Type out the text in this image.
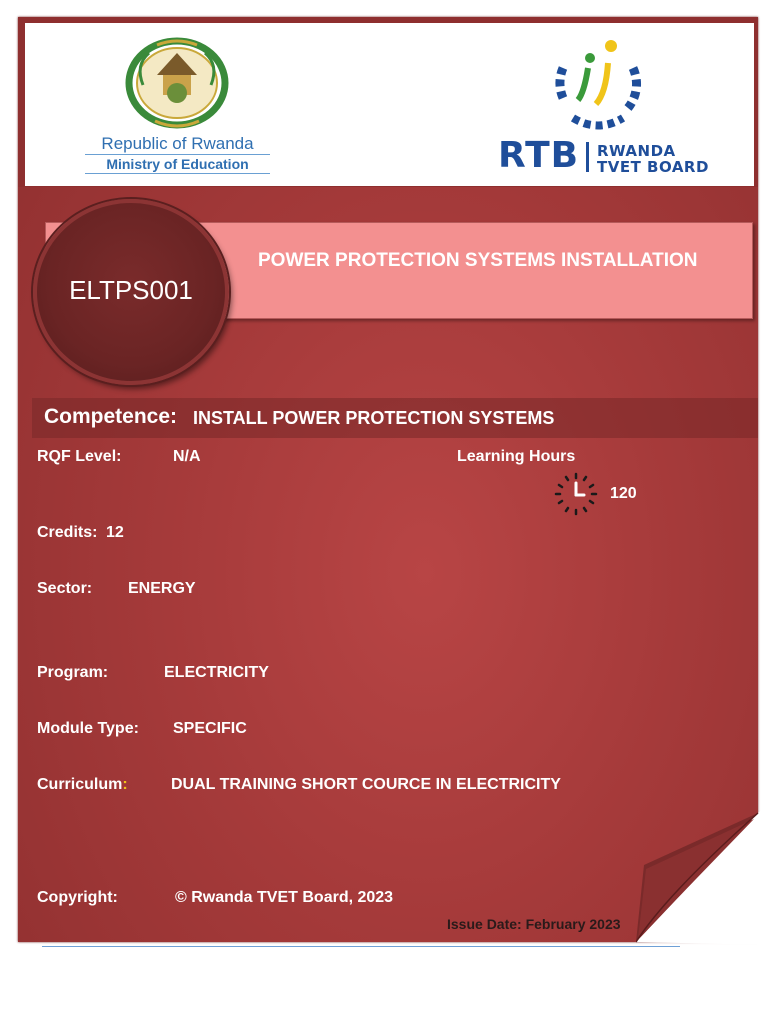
Republic of Rwanda
Ministry of Education	RTB RWANDA
TVET BOARD
POWER PROTECTION SYSTEMS INSTALLATION
ELTPS001
Competence: INSTALL POWER PROTECTION SYSTEMS
RQF Level:	N/A	Learning Hours
120
Credits: 12
Sector: ENERGY
Program:	ELECTRICITY
Module Type: SPECIFIC
Curriculum:	DUAL TRAINING SHORT COURCE IN ELECTRICITY
Copyright:	© Rwanda TVET Board, 2023
Issue Date: February 2023
